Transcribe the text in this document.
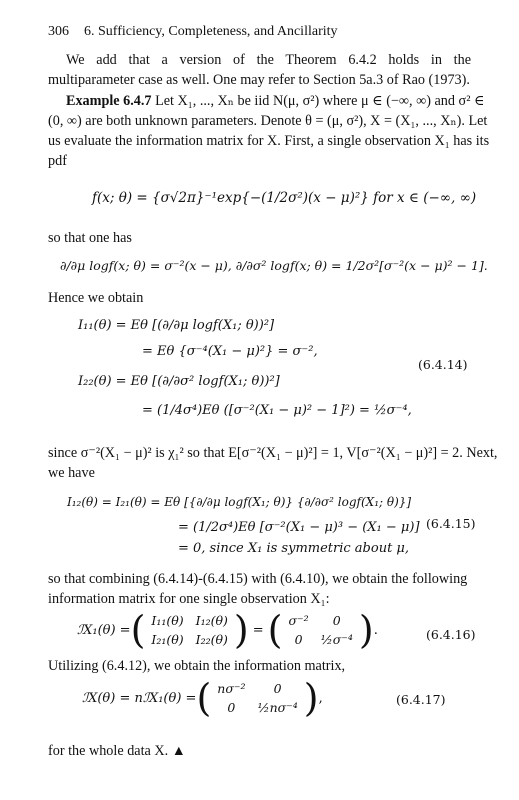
306 6. Sufficiency, Completeness, and Ancillarity
We add that a version of the Theorem 6.4.2 holds in the multiparameter case as well. One may refer to Section 5a.3 of Rao (1973).
Example 6.4.7 Let X₁, ..., Xₙ be iid N(μ, σ²) where μ ∈ (−∞, ∞) and σ² ∈
(0, ∞) are both unknown parameters. Denote θ = (μ, σ²), X = (X₁, ..., Xₙ). Let
us evaluate the information matrix for X. First, a single observation X₁ has its
pdf
f(x; θ) = {σ√2π}⁻¹exp{−(1/2σ²)(x − μ)²} for x ∈ (−∞, ∞)
so that one has
∂/∂μ logf(x; θ) = σ⁻²(x − μ), ∂/∂σ² logf(x; θ) = 1/2σ²[σ⁻²(x − μ)² − 1].
Hence we obtain
I₁₁(θ) = Eθ [(∂/∂μ logf(X₁; θ))²]
= Eθ {σ⁻⁴(X₁ − μ)²} = σ⁻²,
I₂₂(θ) = Eθ [(∂/∂σ² logf(X₁; θ))²]
= (1/4σ⁴)Eθ ([σ⁻²(X₁ − μ)² − 1]²) = ½σ⁻⁴,
(6.4.14)
since σ⁻²(X₁ − μ)² is χ₁² so that E[σ⁻²(X₁ − μ)²] = 1, V[σ⁻²(X₁ − μ)²] = 2. Next,
we have
I₁₂(θ) = I₂₁(θ) = Eθ [{∂/∂μ logf(X₁; θ)} {∂/∂σ² logf(X₁; θ)}]
= (1/2σ⁴)Eθ [σ⁻²(X₁ − μ)³ − (X₁ − μ)]
= 0, since X₁ is symmetric about μ,
(6.4.15)
so that combining (6.4.14)-(6.4.15) with (6.4.10), we obtain the following
information matrix for one single observation X₁:
ℐX₁(θ) = ( I₁₁(θ)	I₁₂(θ)
I₂₁(θ)	I₂₂(θ) ) = ( σ⁻²	0
0	½σ⁻⁴ ) .	(6.4.16)
Utilizing (6.4.12), we obtain the information matrix,
ℐX(θ) = nℐX₁(θ) = ( nσ⁻²	0
0	½nσ⁻⁴ ) ,	(6.4.17)
for the whole data X. ▲
